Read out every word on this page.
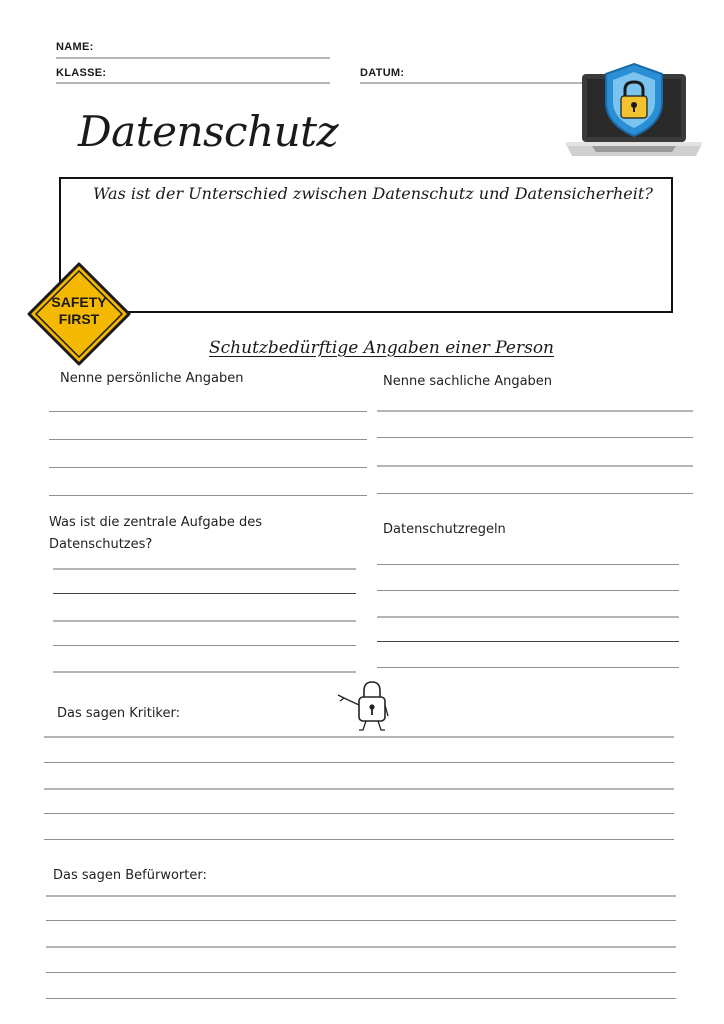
NAME:
KLASSE:	DATUM:
Datenschutz
Was ist der Unterschied zwischen Datenschutz und Datensicherheit?
SAFETY
FIRST
Schutzbedürftige Angaben einer Person
Nenne persönliche Angaben	Nenne sachliche Angaben
Was ist die zentrale Aufgabe des Datenschutzes?
Datenschutzregeln
Das sagen Kritiker:
Das sagen Befürworter:
